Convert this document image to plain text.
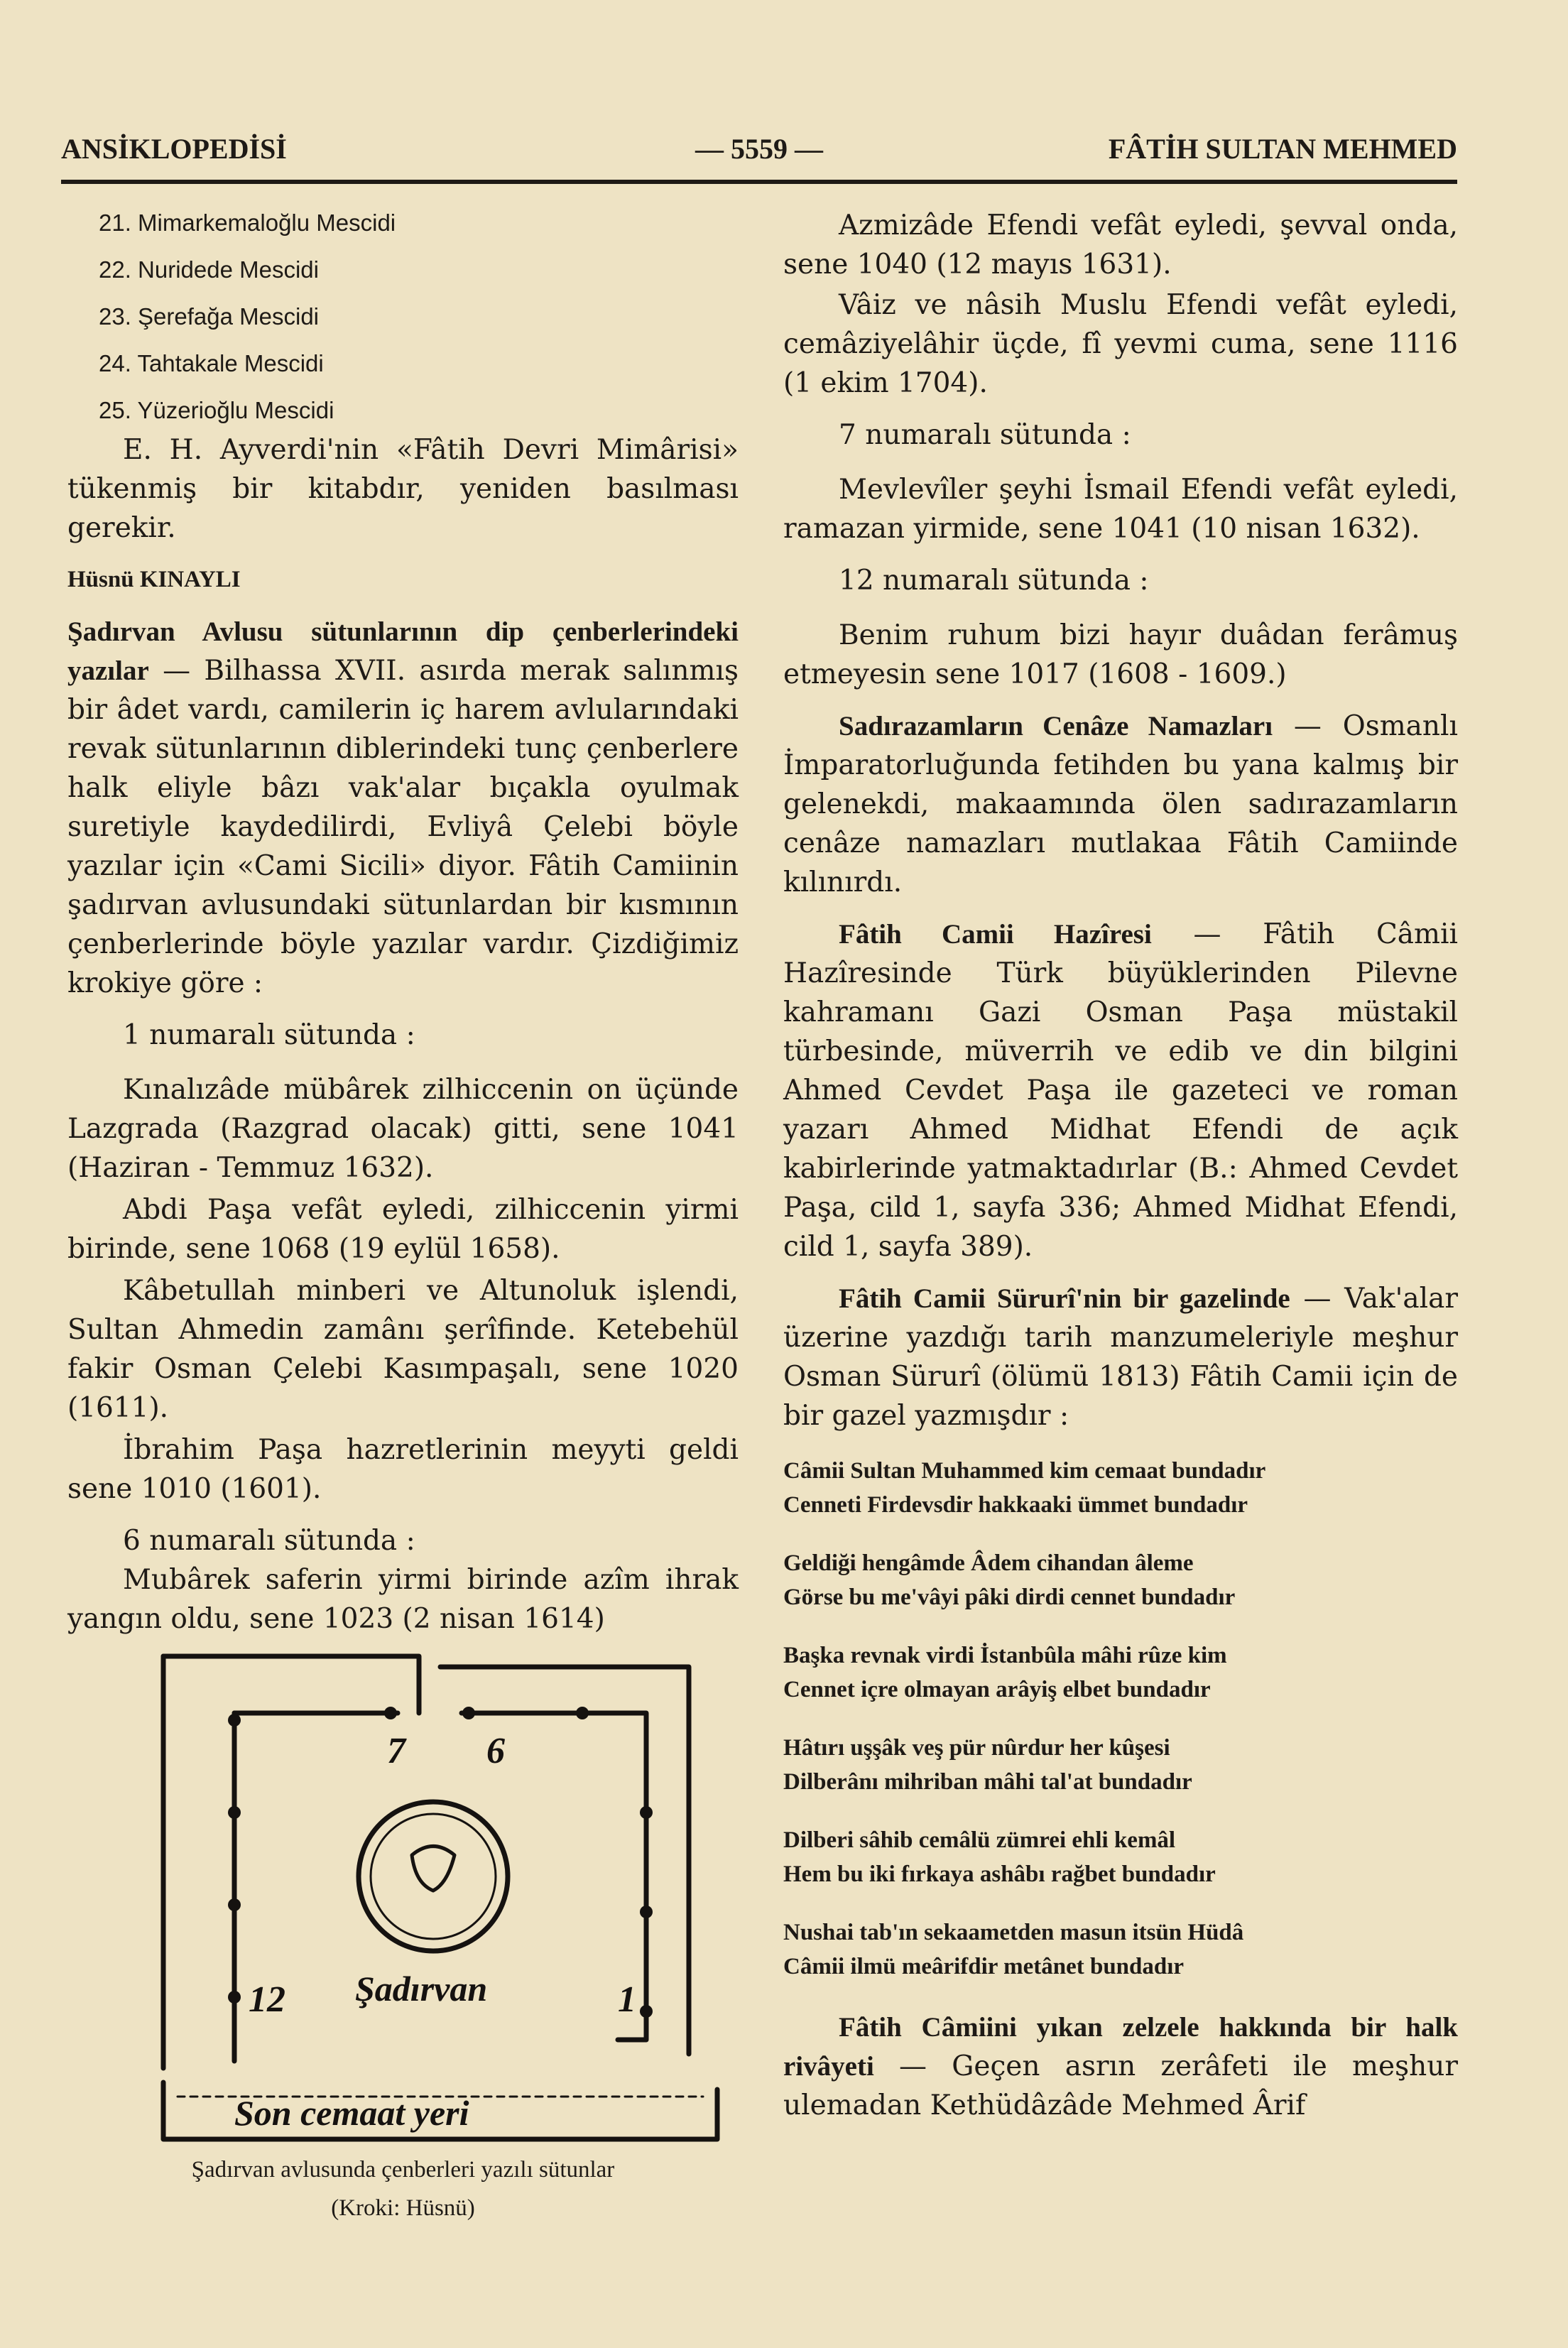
ANSİKLOPEDİSİ	— 5559 —	FÂTİH SULTAN MEHMED

21. Mimarkemaloğlu Mescidi

22. Nuridede Mescidi

23. Şerefağa Mescidi

24. Tahtakale Mescidi

25. Yüzerioğlu Mescidi

E. H. Ayverdi'nin «Fâtih Devri Mimârisi» tükenmiş bir kitabdır, yeniden basılması gerekir.

Hüsnü KINAYLI

Şadırvan Avlusu sütunlarının dip çenberlerindeki yazılar — Bilhassa XVII. asırda merak salınmış bir âdet vardı, camilerin iç harem avlularındaki revak sütunlarının diblerindeki tunç çenberlere halk eliyle bâzı vak'alar bıçakla oyulmak suretiyle kaydedilirdi, Evliyâ Çelebi böyle yazılar için «Cami Sicili» diyor. Fâtih Camiinin şadırvan avlusundaki sütunlardan bir kısmının çenberlerinde böyle yazılar vardır. Çizdiğimiz krokiye göre :

1 numaralı sütunda :

Kınalızâde mübârek zilhiccenin on üçünde Lazgrada (Razgrad olacak) gitti, sene 1041 (Haziran - Temmuz 1632).

Abdi Paşa vefât eyledi, zilhiccenin yirmi birinde, sene 1068 (19 eylül 1658).

Kâbetullah minberi ve Altunoluk işlendi, Sultan Ahmedin zamânı şerîfinde. Ketebehül fakir Osman Çelebi Kasımpaşalı, sene 1020 (1611).

İbrahim Paşa hazretlerinin meyyti geldi sene 1010 (1601).

6 numaralı sütunda :

Mubârek saferin yirmi birinde azîm ihrak yangın oldu, sene 1023 (2 nisan 1614)

7 6
12	1
Şadırvan
Son cemaat yeri
Şadırvan avlusunda çenberleri yazılı sütunlar
(Kroki: Hüsnü)

Azmizâde Efendi vefât eyledi, şevval onda, sene 1040 (12 mayıs 1631).

Vâiz ve nâsih Muslu Efendi vefât eyledi, cemâziyelâhir üçde, fî yevmi cuma, sene 1116 (1 ekim 1704).

7 numaralı sütunda :

Mevlevîler şeyhi İsmail Efendi vefât eyledi, ramazan yirmide, sene 1041 (10 nisan 1632).

12 numaralı sütunda :

Benim ruhum bizi hayır duâdan ferâmuş etmeyesin sene 1017 (1608 - 1609.)

Sadırazamların Cenâze Namazları — Osmanlı İmparatorluğunda fetihden bu yana kalmış bir gelenekdi, makaamında ölen sadırazamların cenâze namazları mutlakaa Fâtih Camiinde kılınırdı.

Fâtih Camii Hazîresi — Fâtih Câmii Hazîresinde Türk büyüklerinden Pilevne kahramanı Gazi Osman Paşa müstakil türbesinde, müverrih ve edib ve din bilgini Ahmed Cevdet Paşa ile gazeteci ve roman yazarı Ahmed Midhat Efendi de açık kabirlerinde yatmaktadırlar (B.: Ahmed Cevdet Paşa, cild 1, sayfa 336; Ahmed Midhat Efendi, cild 1, sayfa 389).

Fâtih Camii Sürurî'nin bir gazelinde — Vak'alar üzerine yazdığı tarih manzumeleriyle meşhur Osman Sürurî (ölümü 1813) Fâtih Camii için de bir gazel yazmışdır :

Câmii Sultan Muhammed kim cemaat bundadır
Cenneti Firdevsdir hakkaaki ümmet bundadır
Geldiği hengâmde Âdem cihandan âleme
Görse bu me'vâyi pâki dirdi cennet bundadır
Başka revnak virdi İstanbûla mâhi rûze kim
Cennet içre olmayan arâyiş elbet bundadır
Hâtırı uşşâk veş pür nûrdur her kûşesi
Dilberânı mihriban mâhi tal'at bundadır
Dilberi sâhib cemâlü zümrei ehli kemâl
Hem bu iki fırkaya ashâbı rağbet bundadır
Nushai tab'ın sekaametden masun itsün Hüdâ
Câmii ilmü meârifdir metânet bundadır

Fâtih Câmiini yıkan zelzele hakkında bir halk rivâyeti — Geçen asrın zerâfeti ile meşhur ulemadan Kethüdâzâde Mehmed Ârif
